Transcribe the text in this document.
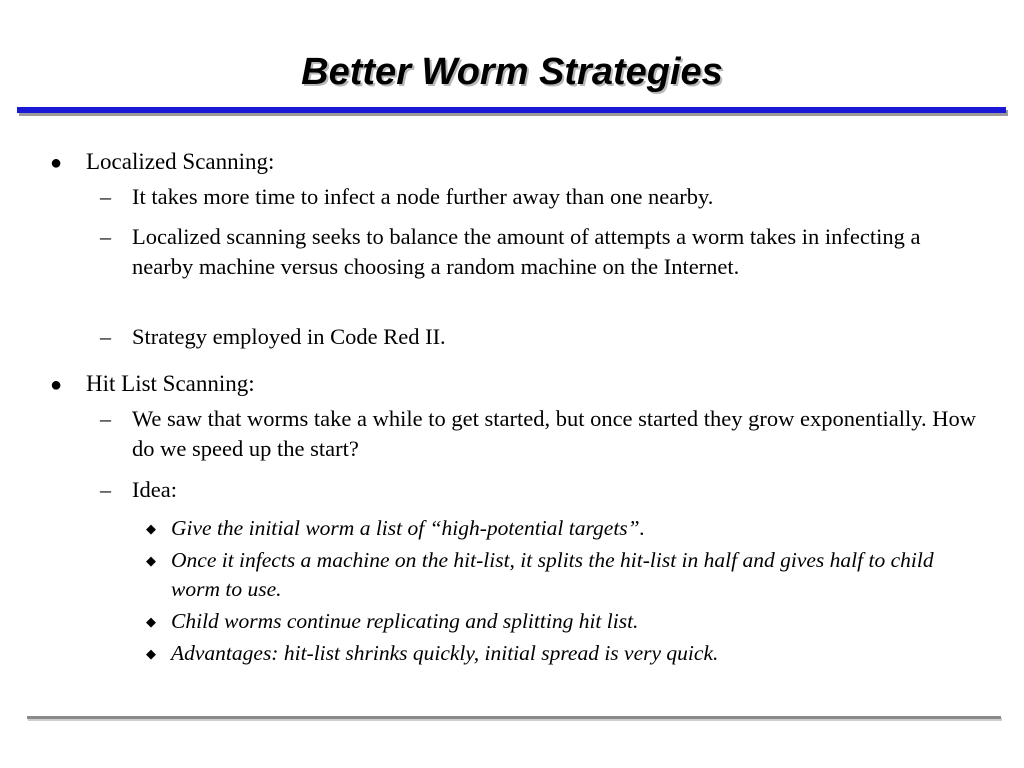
Better Worm Strategies
● Localized Scanning:
– It takes more time to infect a node further away than one nearby.
– Localized scanning seeks to balance the amount of attempts a worm takes in infecting a nearby machine versus choosing a random machine on the Internet.
– Strategy employed in Code Red II.
● Hit List Scanning:
– We saw that worms take a while to get started, but once started they grow exponentially. How do we speed up the start?
– Idea:
◆ Give the initial worm a list of “high-potential targets”.
◆ Once it infects a machine on the hit-list, it splits the hit-list in half and gives half to child worm to use.
◆ Child worms continue replicating and splitting hit list.
◆ Advantages: hit-list shrinks quickly, initial spread is very quick.
